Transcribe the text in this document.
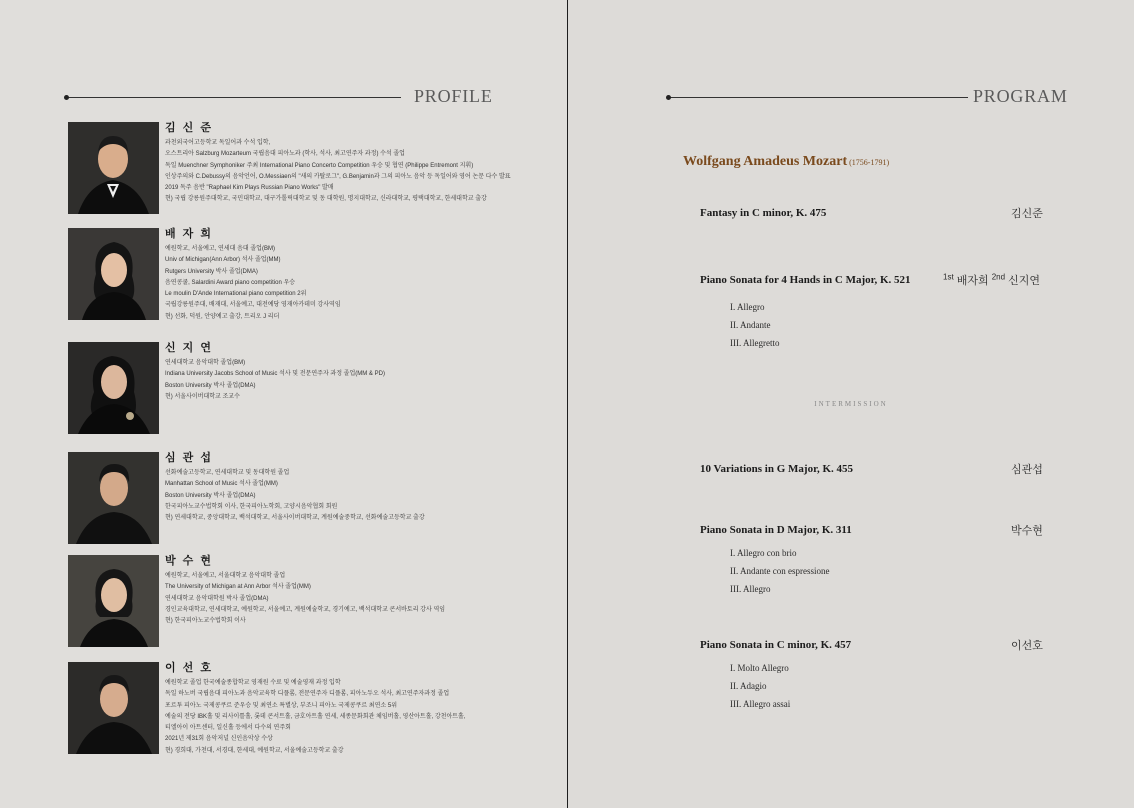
PROFILE
김 신 준
과천외국어고등학교 독일어과 수석 입학,
오스트리아 Salzburg Mozarteum 국립음대 피아노과 (학사, 석사, 최고연주자 과정) 수석 졸업
독일 Muenchner Symphoniker 주최 International Piano Concerto Competition 우승 및 협연 (Philippe Entremont 지휘)
인상주의와 C.Debussy의 음악언어, O.Messiaen의 "새의 카탈로그", G.Benjamin과 그의 피아노 음악 등 독일어와 영어 논문 다수 발표
2019 독주 음반 "Raphael Kim Plays Russian Piano Works" 발매
현) 국립 강릉원주대학교, 국민대학교, 대구가톨릭대학교 및 동 대학원, 명지대학교, 신라대학교, 평택대학교, 한세대학교 출강
배 자 희
예원학교, 서울예고, 연세대 음대 졸업(BM)
Univ of Michigan(Ann Arbor) 석사 졸업(MM)
Rutgers University 박사 졸업(DMA)
음연콩쿨, Salardini Award piano competition 우승
Le moulin D'Ande International piano competition 2위
국립강릉원주대, 배재대, 서울예고, 대전예당 영재아카데미 강사역임
현) 선화, 덕원, 안양예고 출강, 트리오 J 리더
신 지 연
연세대학교 음악대학 졸업(BM)
Indiana University Jacobs School of Music 석사 및 전문연주자 과정 졸업(MM & PD)
Boston University 박사 졸업(DMA)
현) 서울사이버대학교 조교수
심 관 섭
선화예술고등학교, 연세대학교 및 동대학원 졸업
Manhattan School of Music 석사 졸업(MM)
Boston University 박사 졸업(DMA)
한국피아노교수법학회 이사, 한국피아노학회, 고양시음악협회 회원
현) 연세대학교, 중앙대학교, 백석대학교, 서울사이버대학교, 계원예술중학교, 선화예술고등학교 출강
박 수 현
예원학교, 서울예고, 서울대학교 음악대학 졸업
The University of Michigan at Ann Arbor 석사 졸업(MM)
연세대학교 음악대학원 박사 졸업(DMA)
경인교육대학교, 연세대학교, 예원학교, 서울예고, 계원예술학교, 경기예고, 백석대학교 콘서바토리 강사 역임
현) 한국피아노교수법학회 이사
이 선 호
예원학교 졸업 한국예술종합학교 영재원 수료 및 예술영재 과정 입학
독일 하노버 국립음대 피아노과 음악교육학 디플롬, 전문연주자 디플롬, 피아노두오 석사, 최고연주자과정 졸업
포르투 피아노 국제콩쿠르 준우승 및 최연소 특별상, 부조니 피아노 국제콩쿠르 최연소 5위
예술의 전당 IBK홀 및 리사이틀홀, 롯데 콘서트홀, 금호아트홀 연세, 세종문화회관 체임버홀, 영산아트홀, 강천아트홀,
티엘아이 아트센터, 일신홀 등에서 다수의 연주회
2021년 제31회 음악저널 신인음악상 수상
현) 경희대, 가천대, 서경대, 한세대, 예원학교, 서울예술고등학교 출강
PROGRAM
Wolfgang Amadeus Mozart (1756-1791)
Fantasy in C minor, K. 475	김신준
Piano Sonata for 4 Hands in C Major, K. 521	$^{1st}$ 배자희 $^{2nd}$ 신지연
I. Allegro
II. Andante
III. Allegretto
INTERMISSION
10 Variations in G Major, K. 455	심관섭
Piano Sonata in D Major, K. 311	박수현
I. Allegro con brio
II. Andante con espressione
III. Allegro
Piano Sonata in C minor, K. 457	이선호
I. Molto Allegro
II. Adagio
III. Allegro assai
